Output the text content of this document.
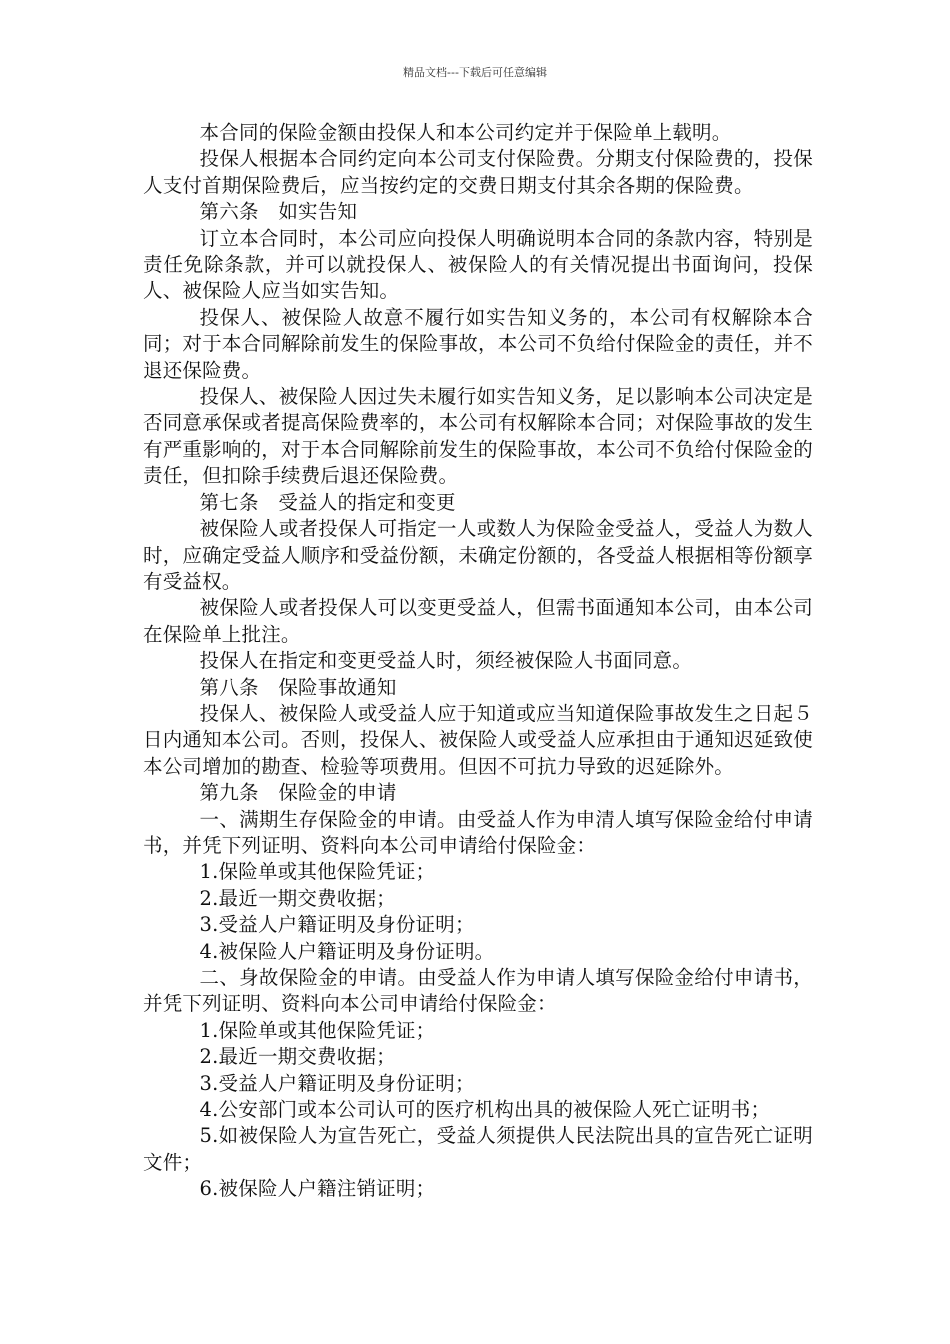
精品文档---下载后可任意编辑

本合同的保险金额由投保人和本公司约定并于保险单上载明。

投保人根据本合同约定向本公司支付保险费。分期支付保险费的，投保人支付首期保险费后，应当按约定的交费日期支付其余各期的保险费。

第六条　如实告知

订立本合同时，本公司应向投保人明确说明本合同的条款内容，特别是责任免除条款，并可以就投保人、被保险人的有关情况提出书面询问，投保人、被保险人应当如实告知。

投保人、被保险人故意不履行如实告知义务的，本公司有权解除本合同；对于本合同解除前发生的保险事故，本公司不负给付保险金的责任，并不退还保险费。

投保人、被保险人因过失未履行如实告知义务，足以影响本公司决定是否同意承保或者提高保险费率的，本公司有权解除本合同；对保险事故的发生有严重影响的，对于本合同解除前发生的保险事故，本公司不负给付保险金的责任，但扣除手续费后退还保险费。

第七条　受益人的指定和变更

被保险人或者投保人可指定一人或数人为保险金受益人，受益人为数人时，应确定受益人顺序和受益份额，未确定份额的，各受益人根据相等份额享有受益权。

被保险人或者投保人可以变更受益人，但需书面通知本公司，由本公司在保险单上批注。

投保人在指定和变更受益人时，须经被保险人书面同意。

第八条　保险事故通知

投保人、被保险人或受益人应于知道或应当知道保险事故发生之日起５日内通知本公司。否则，投保人、被保险人或受益人应承担由于通知迟延致使本公司增加的勘查、检验等项费用。但因不可抗力导致的迟延除外。

第九条　保险金的申请

一、满期生存保险金的申请。由受益人作为申清人填写保险金给付申请书，并凭下列证明、资料向本公司申请给付保险金：

1.保险单或其他保险凭证；

2.最近一期交费收据；

3.受益人户籍证明及身份证明；

4.被保险人户籍证明及身份证明。

二、身故保险金的申请。由受益人作为申请人填写保险金给付申请书，并凭下列证明、资料向本公司申请给付保险金：

1.保险单或其他保险凭证；

2.最近一期交费收据；

3.受益人户籍证明及身份证明；

4.公安部门或本公司认可的医疗机构出具的被保险人死亡证明书；

5.如被保险人为宣告死亡，受益人须提供人民法院出具的宣告死亡证明文件；

6.被保险人户籍注销证明；
